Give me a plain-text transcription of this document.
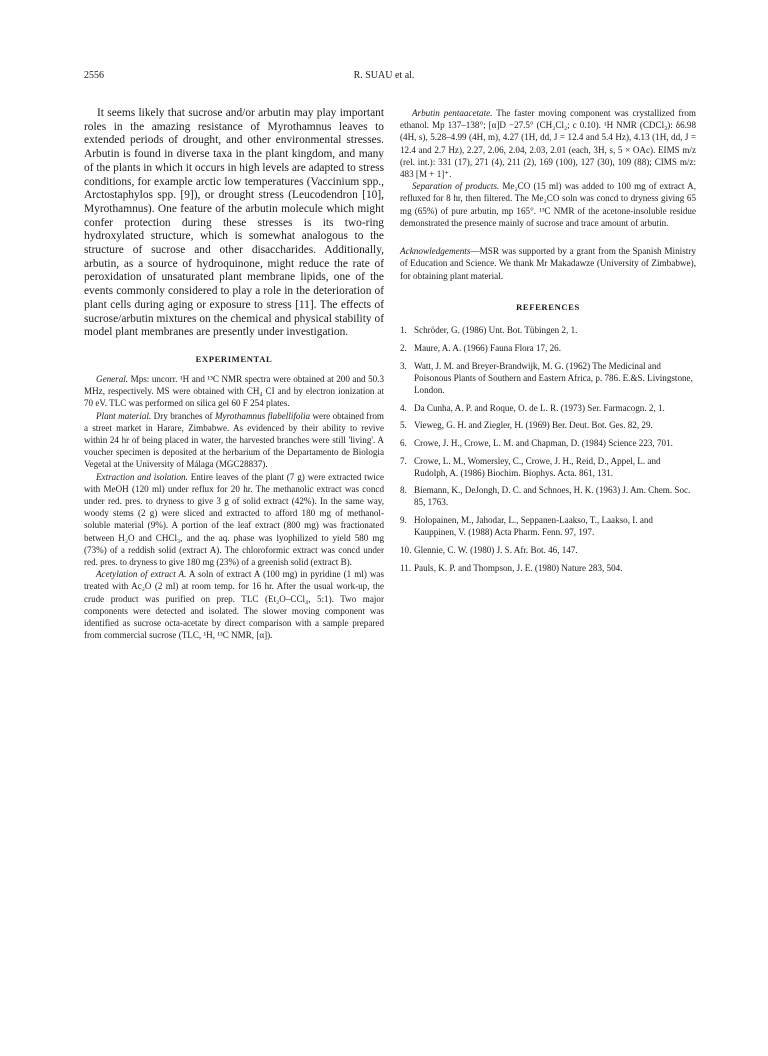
2556	R. SUAU et al.

It seems likely that sucrose and/or arbutin may play important roles in the amazing resistance of Myrothamnus leaves to extended periods of drought, and other environmental stresses. Arbutin is found in diverse taxa in the plant kingdom, and many of the plants in which it occurs in high levels are adapted to stress conditions, for example arctic low temperatures (Vaccinium spp., Arctostaphylos spp. [9]), or drought stress (Leucodendron [10], Myrothamnus). One feature of the arbutin molecule which might confer protection during these stresses is its two-ring hydroxylated structure, which is somewhat analogous to the structure of sucrose and other disaccharides. Additionally, arbutin, as a source of hydroquinone, might reduce the rate of peroxidation of unsaturated plant membrane lipids, one of the events commonly considered to play a role in the deterioration of plant cells during aging or exposure to stress [11]. The effects of sucrose/arbutin mixtures on the chemical and physical stability of model plant membranes are presently under investigation.

EXPERIMENTAL

General. Mps: uncorr. ¹H and ¹³C NMR spectra were obtained at 200 and 50.3 MHz, respectively. MS were obtained with CH₄ CI and by electron ionization at 70 eV. TLC was performed on silica gel 60 F 254 plates.

Plant material. Dry branches of Myrothamnus flabellifolia were obtained from a street market in Harare, Zimbabwe. As evidenced by their ability to revive within 24 hr of being placed in water, the harvested branches were still 'living'. A voucher specimen is deposited at the herbarium of the Departamento de Biologia Vegetal at the University of Málaga (MGC28837).

Extraction and isolation. Entire leaves of the plant (7 g) were extracted twice with MeOH (120 ml) under reflux for 20 hr. The methanolic extract was concd under red. pres. to dryness to give 3 g of solid extract (42%). In the same way, woody stems (2 g) were sliced and extracted to afford 180 mg of methanol-soluble material (9%). A portion of the leaf extract (800 mg) was fractionated between H₂O and CHCl₃, and the aq. phase was lyophilized to yield 580 mg (73%) of a reddish solid (extract A). The chloroformic extract was concd under red. pres. to dryness to give 180 mg (23%) of a greenish solid (extract B).

Acetylation of extract A. A soln of extract A (100 mg) in pyridine (1 ml) was treated with Ac₂O (2 ml) at room temp. for 16 hr. After the usual work-up, the crude product was purified on prep. TLC (Et₂O–CCl₄, 5:1). Two major components were detected and isolated. The slower moving component was identified as sucrose octa-acetate by direct comparison with a sample prepared from commercial sucrose (TLC, ¹H, ¹³C NMR, [α]).

Arbutin pentaacetate. The faster moving component was crystallized from ethanol. Mp 137–138°; [α]D −27.5° (CH₂Cl₂; c 0.10). ¹H NMR (CDCl₃): δ6.98 (4H, s), 5.28–4.99 (4H, m), 4.27 (1H, dd, J = 12.4 and 5.4 Hz), 4.13 (1H, dd, J = 12.4 and 2.7 Hz), 2.27, 2.06, 2.04, 2.03, 2.01 (each, 3H, s, 5 × OAc). EIMS m/z (rel. int.): 331 (17), 271 (4), 211 (2), 169 (100), 127 (30), 109 (88); CIMS m/z: 483 [M + 1]⁺.

Separation of products. Me₂CO (15 ml) was added to 100 mg of extract A, refluxed for 8 hr, then filtered. The Me₂CO soln was concd to dryness giving 65 mg (65%) of pure arbutin, mp 165°. ¹³C NMR of the acetone-insoluble residue demonstrated the presence mainly of sucrose and trace amount of arbutin.

Acknowledgements—MSR was supported by a grant from the Spanish Ministry of Education and Science. We thank Mr Makadawze (University of Zimbabwe), for obtaining plant material.

REFERENCES

1. Schröder, G. (1986) Unt. Bot. Tübingen 2, 1.
2. Maure, A. A. (1966) Fauna Flora 17, 26.
3. Watt, J. M. and Breyer-Brandwijk, M. G. (1962) The Medicinal and Poisonous Plants of Southern and Eastern Africa, p. 786. E.&S. Livingstone, London.
4. Da Cunha, A. P. and Roque, O. de L. R. (1973) Ser. Farmacogn. 2, 1.
5. Vieweg, G. H. and Ziegler, H. (1969) Ber. Deut. Bot. Ges. 82, 29.
6. Crowe, J. H., Crowe, L. M. and Chapman, D. (1984) Science 223, 701.
7. Crowe, L. M., Womersley, C., Crowe, J. H., Reid, D., Appel, L. and Rudolph, A. (1986) Biochim. Biophys. Acta. 861, 131.
8. Biemann, K., DeJongh, D. C. and Schnoes, H. K. (1963) J. Am. Chem. Soc. 85, 1763.
9. Holopainen, M., Jahodar, L., Seppanen-Laakso, T., Laakso, I. and Kauppinen, V. (1988) Acta Pharm. Fenn. 97, 197.
10. Glennie, C. W. (1980) J. S. Afr. Bot. 46, 147.
11. Pauls, K. P. and Thompson, J. E. (1980) Nature 283, 504.
